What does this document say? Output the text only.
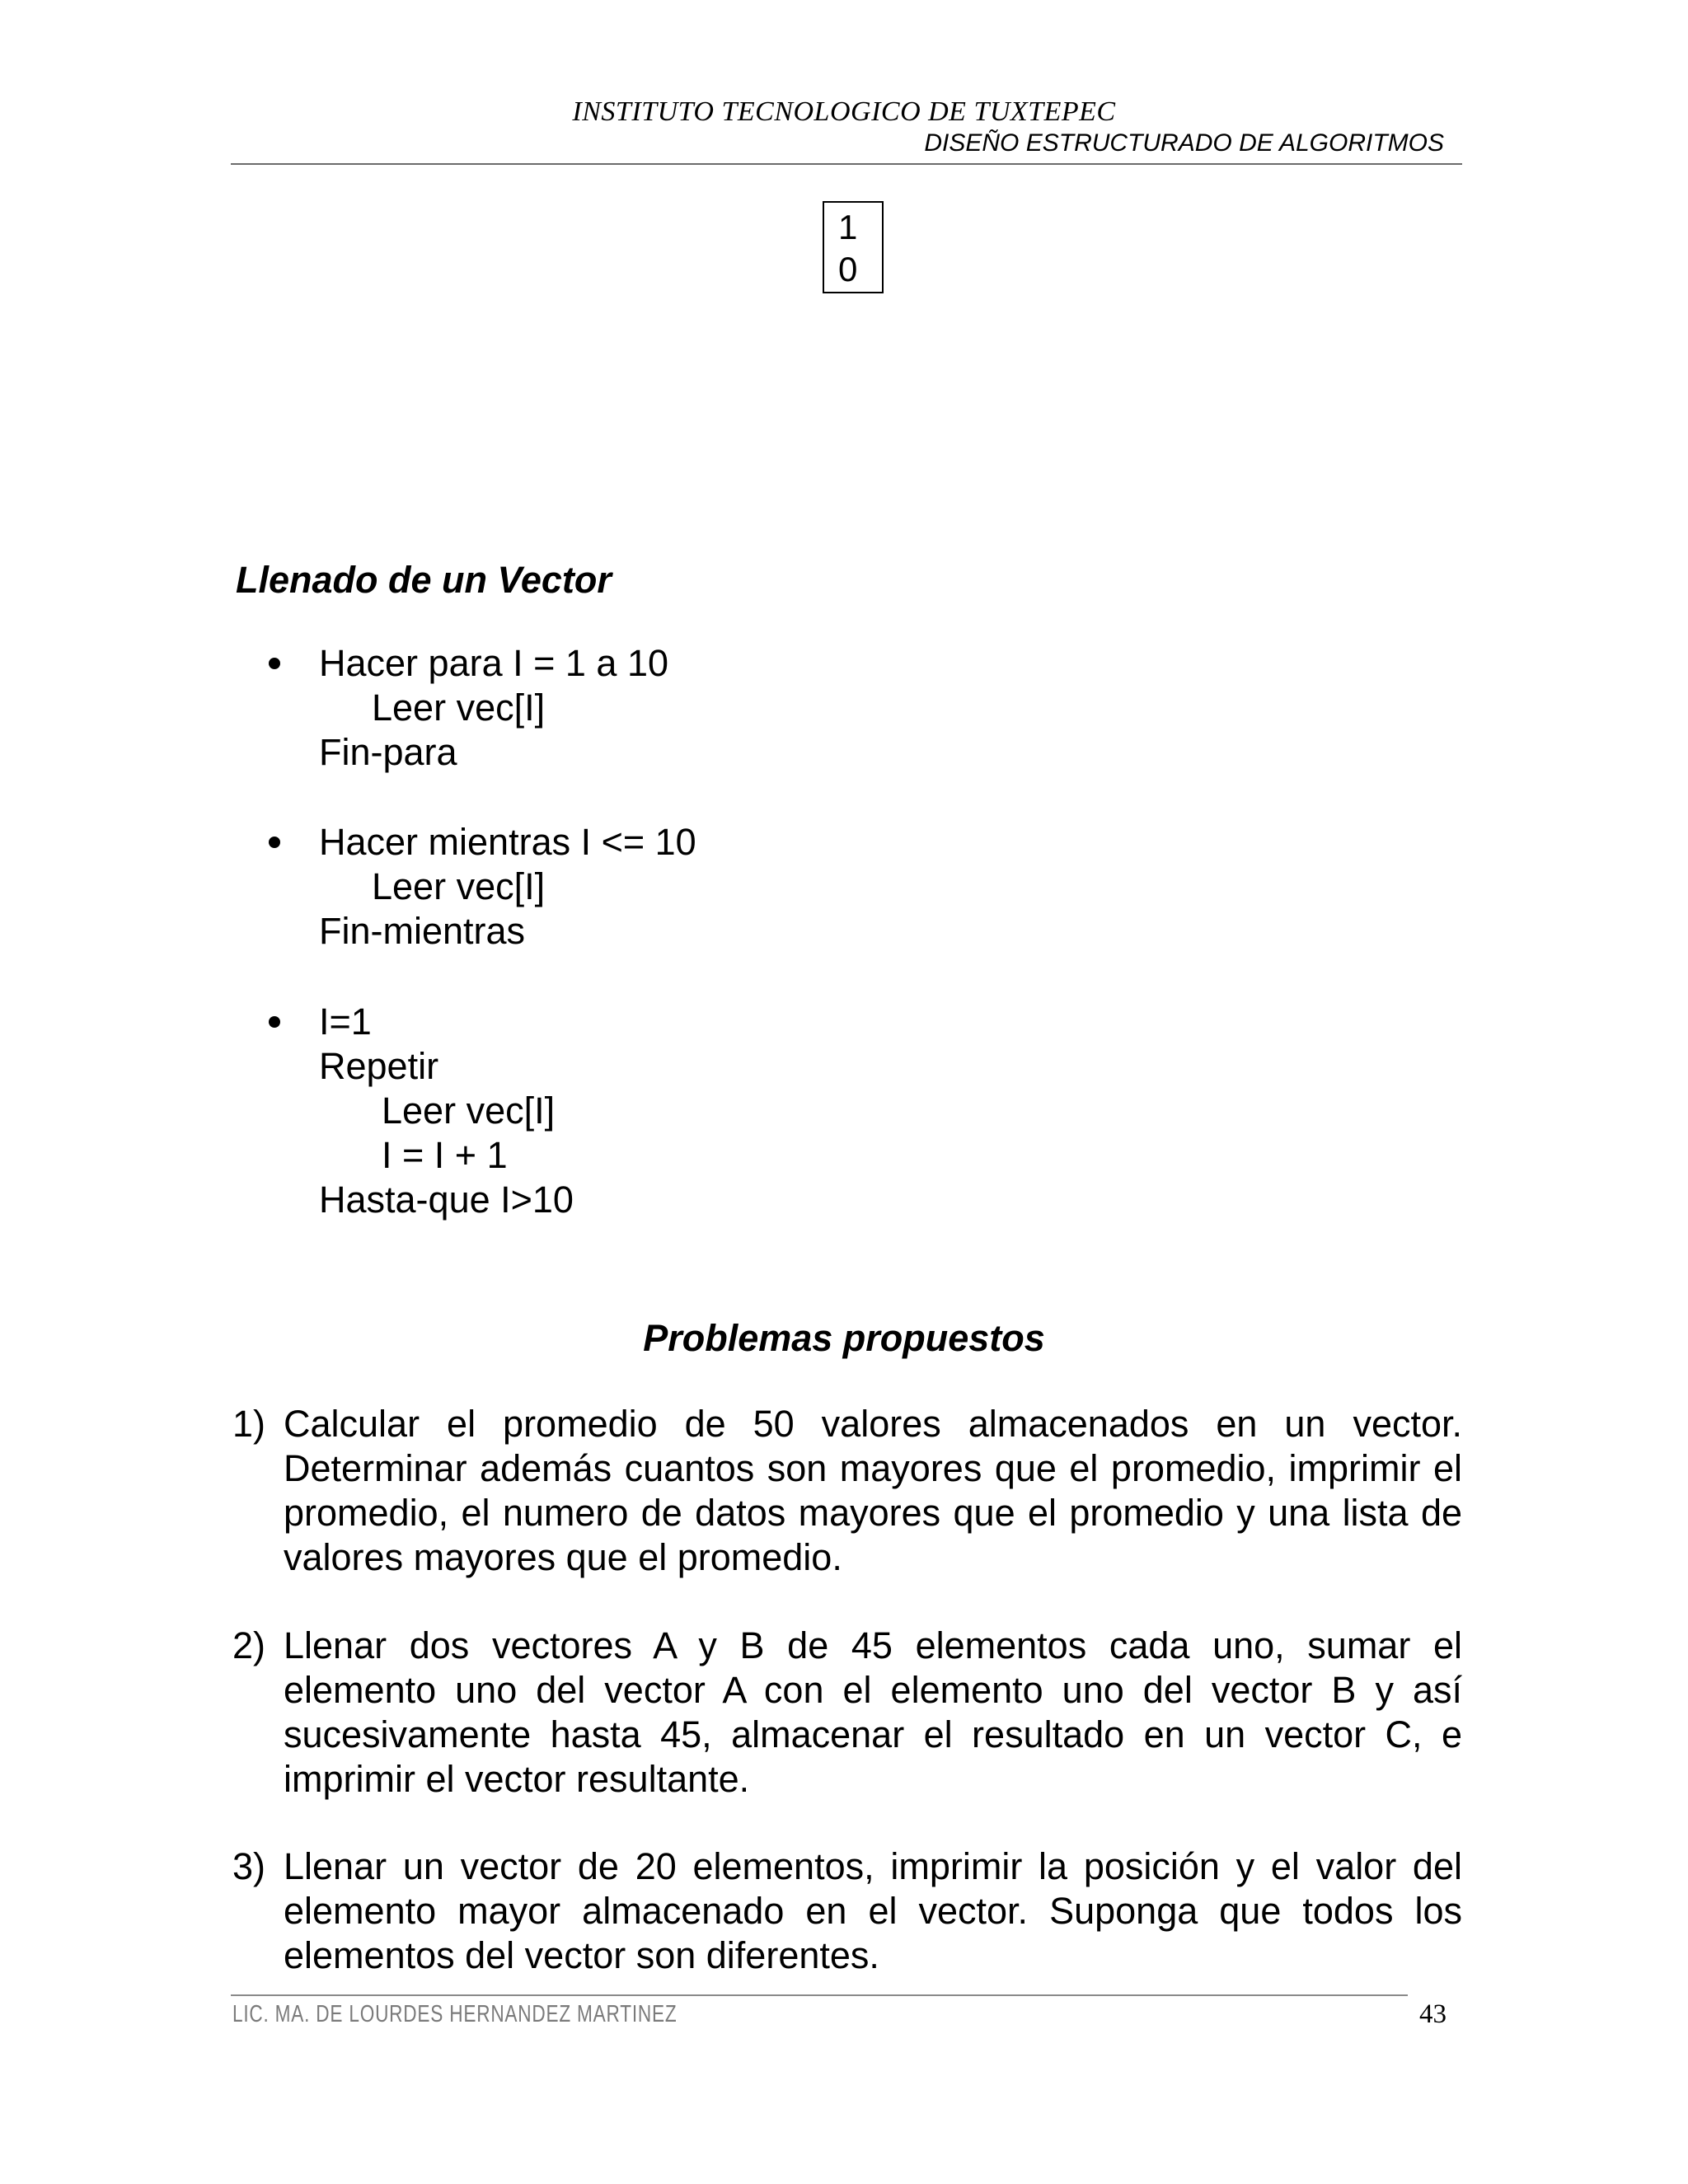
INSTITUTO TECNOLOGICO DE TUXTEPEC
DISEÑO ESTRUCTURADO DE ALGORITMOS
1
0
Llenado de un Vector
Hacer para I = 1 a 10
Leer vec[I]
Fin-para
Hacer mientras I <= 10
Leer vec[I]
Fin-mientras
I=1
Repetir
Leer vec[I]
I = I + 1
Hasta-que I>10
Problemas propuestos
1) Calcular el promedio de 50 valores almacenados en un vector. Determinar además cuantos son mayores que el promedio, imprimir el promedio, el numero de datos mayores que el promedio y una lista de valores mayores que el promedio.
2) Llenar dos vectores A y B de 45 elementos cada uno, sumar el elemento uno del vector A con el elemento uno del vector B y así sucesivamente hasta 45, almacenar el resultado en un vector C, e imprimir el vector resultante.
3) Llenar un vector de 20 elementos, imprimir la posición y el valor del elemento mayor almacenado en el vector. Suponga que todos los elementos del vector son diferentes.
LIC. MA. DE LOURDES HERNANDEZ MARTINEZ	43
